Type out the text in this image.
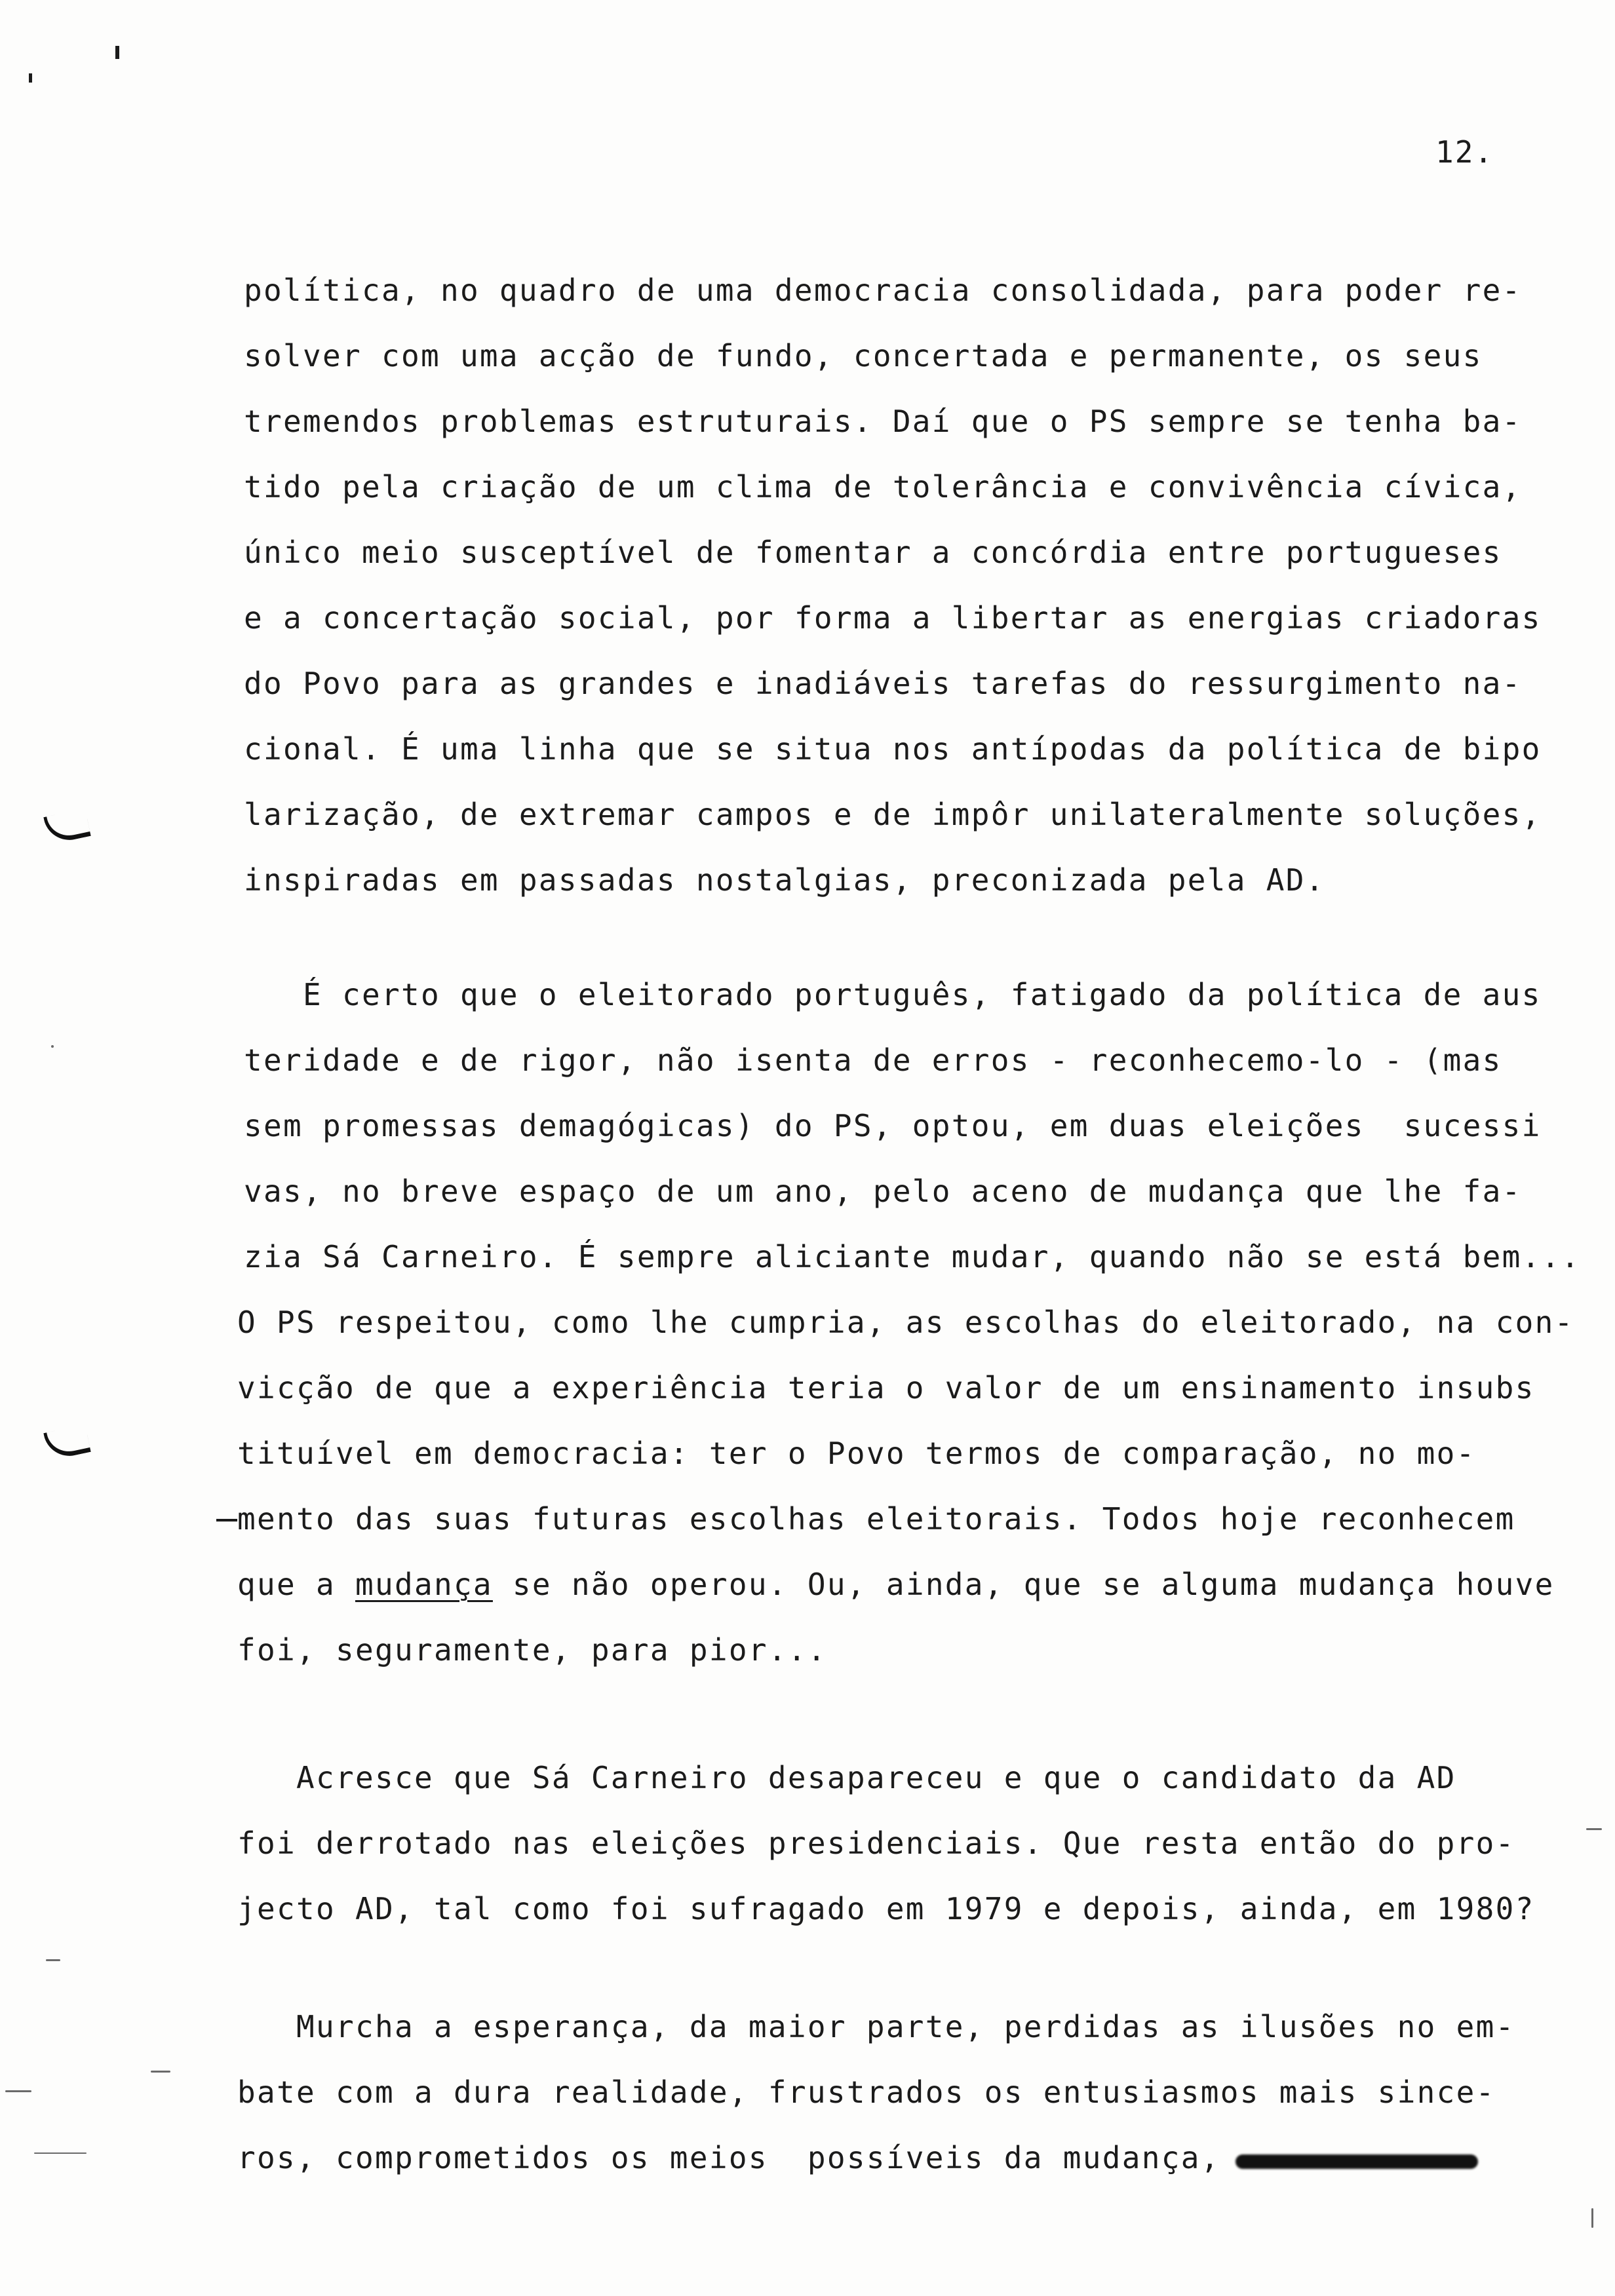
12.
política, no quadro de uma democracia consolidada, para poder re-
solver com uma acção de fundo, concertada e permanente, os seus
tremendos problemas estruturais. Daí que o PS sempre se tenha ba-
tido pela criação de um clima de tolerância e convivência cívica,
único meio susceptível de fomentar a concórdia entre portugueses
e a concertação social, por forma a libertar as energias criadoras
do Povo para as grandes e inadiáveis tarefas do ressurgimento na-
cional. É uma linha que se situa nos antípodas da política de bipo
larização, de extremar campos e de impôr unilateralmente soluções,
inspiradas em passadas nostalgias, preconizada pela AD.
É certo que o eleitorado português, fatigado da política de aus
teridade e de rigor, não isenta de erros - reconhecemo-lo - (mas
sem promessas demagógicas) do PS, optou, em duas eleições  sucessi
vas, no breve espaço de um ano, pelo aceno de mudança que lhe fa-
zia Sá Carneiro. É sempre aliciante mudar, quando não se está bem...
O PS respeitou, como lhe cumpria, as escolhas do eleitorado, na con-
vicção de que a experiência teria o valor de um ensinamento insubs
tituível em democracia: ter o Povo termos de comparação, no mo-
mento das suas futuras escolhas eleitorais. Todos hoje reconhecem
que a mudança se não operou. Ou, ainda, que se alguma mudança houve
foi, seguramente, para pior...
Acresce que Sá Carneiro desapareceu e que o candidato da AD
foi derrotado nas eleições presidenciais. Que resta então do pro-
jecto AD, tal como foi sufragado em 1979 e depois, ainda, em 1980?
Murcha a esperança, da maior parte, perdidas as ilusões no em-
bate com a dura realidade, frustrados os entusiasmos mais since-
ros, comprometidos os meios  possíveis da mudança,
